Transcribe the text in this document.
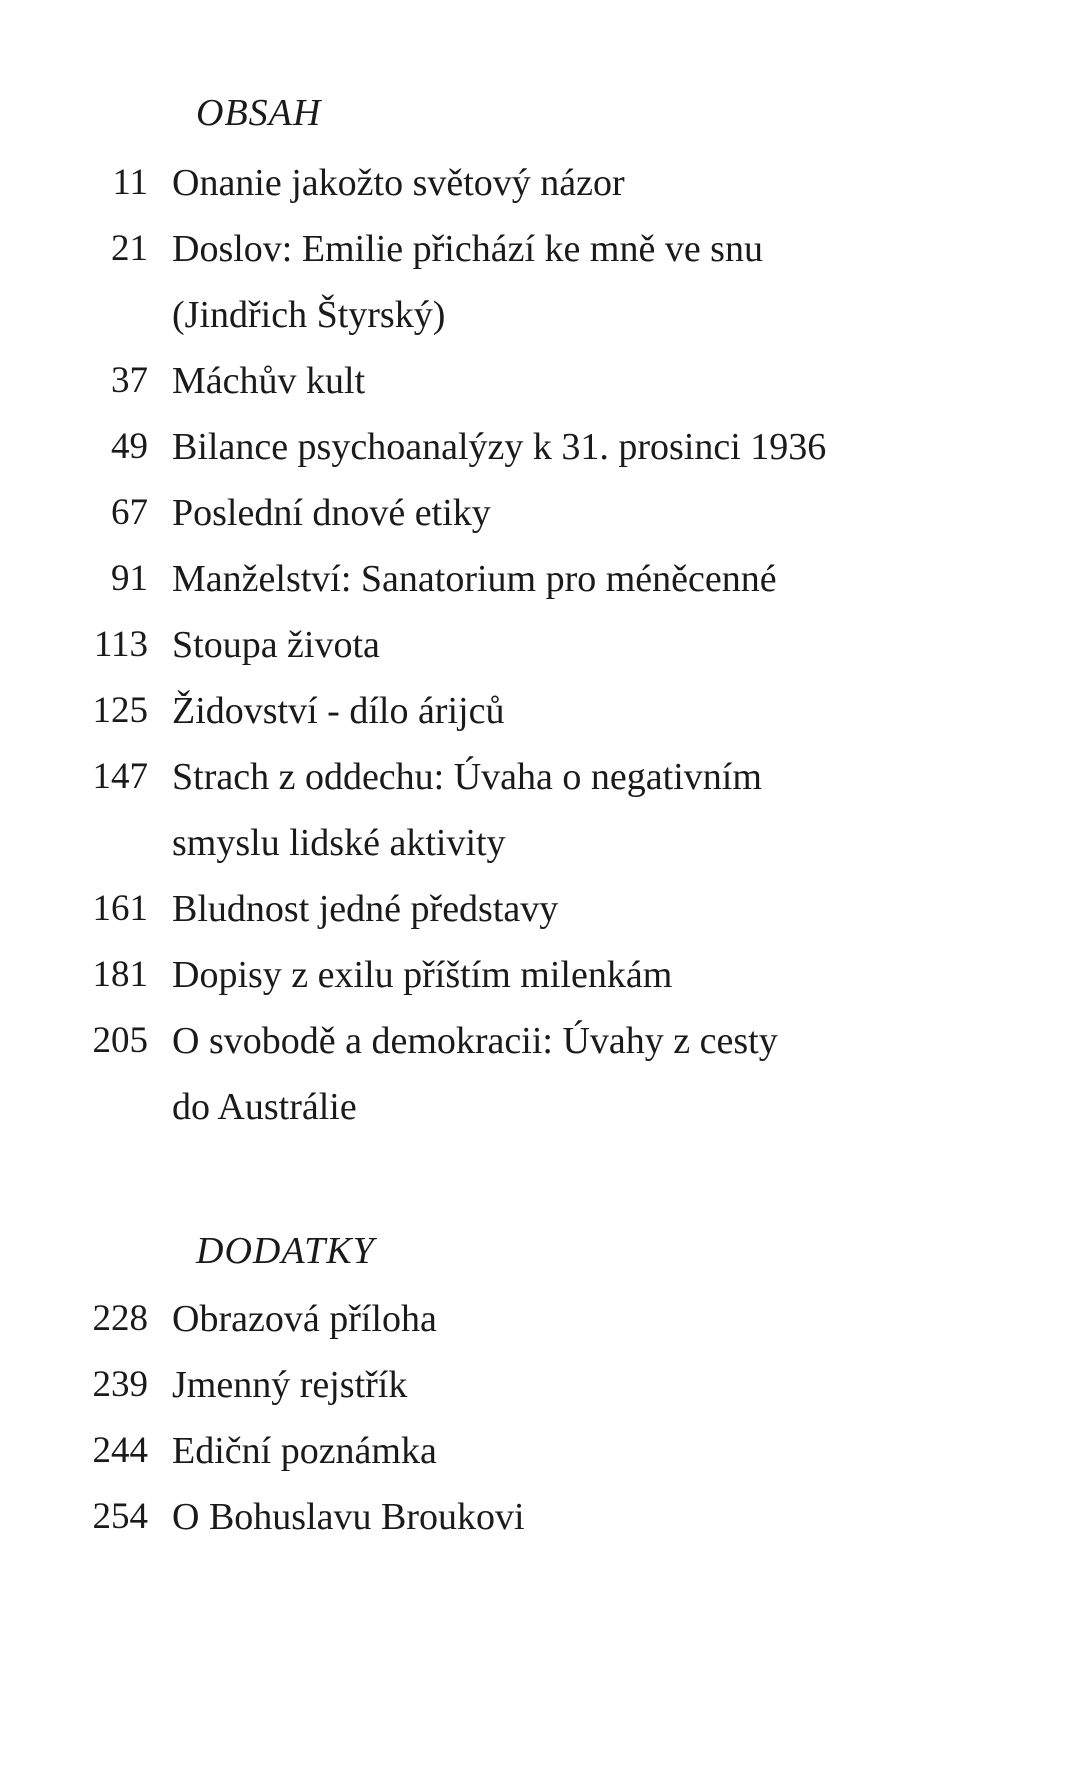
OBSAH
11 Onanie jakožto světový názor
21 Doslov: Emilie přichází ke mně ve snu
(Jindřich Štyrský)
37 Máchův kult
49 Bilance psychoanalýzy k 31. prosinci 1936
67 Poslední dnové etiky
91 Manželství: Sanatorium pro méněcenné
113 Stoupa života
125 Židovství - dílo árijců
147 Strach z oddechu: Úvaha o negativním
smyslu lidské aktivity
161 Bludnost jedné představy
181 Dopisy z exilu příštím milenkám
205 O svobodě a demokracii: Úvahy z cesty
do Austrálie
DODATKY
228 Obrazová příloha
239 Jmenný rejstřík
244 Ediční poznámka
254 O Bohuslavu Broukovi
